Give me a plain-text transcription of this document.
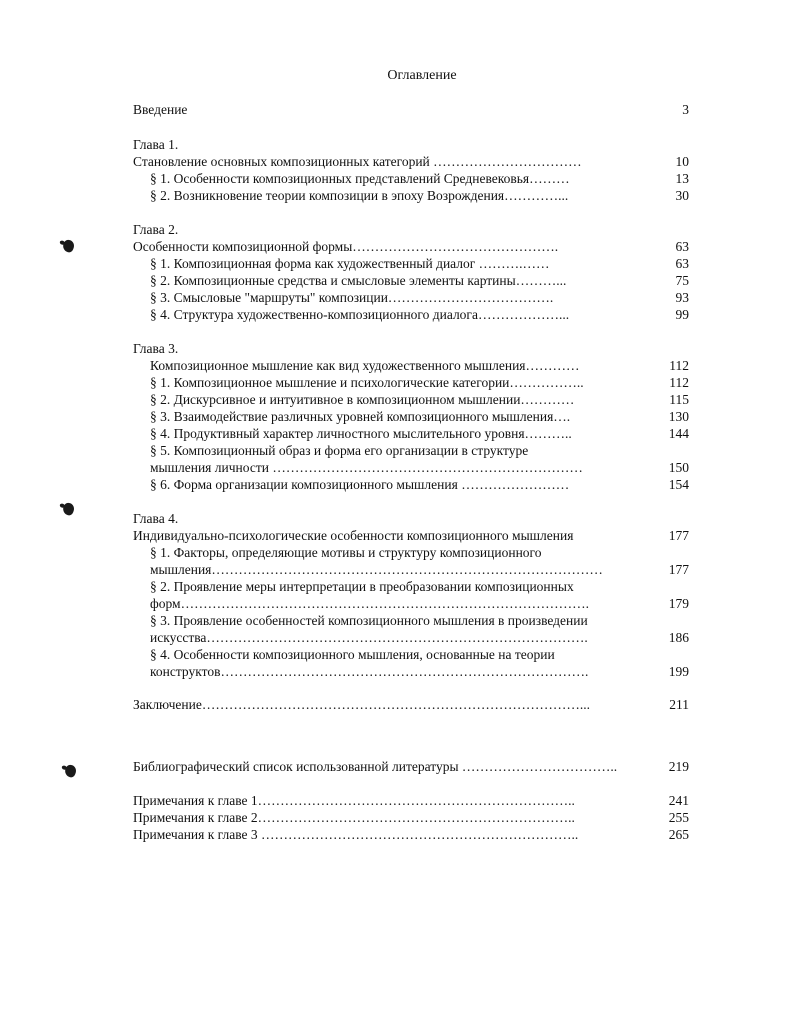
Оглавление
Введение	3
Глава 1.
Становление основных композиционных категорий ……………………………	10
§ 1. Особенности композиционных представлений Средневековья………	13
§ 2. Возникновение теории композиции в эпоху Возрождения…………...	30
Глава 2.
Особенности композиционной формы……………………………………….	63
§ 1. Композиционная форма как художественный диалог ……….……	63
§ 2. Композиционные средства и смысловые элементы картины………...	75
§ 3. Смысловые "маршруты" композиции……………………………….	93
§ 4. Структура художественно-композиционного диалога………………...	99
Глава 3.
Композиционное мышление как вид художественного мышления…………	112
§ 1. Композиционное мышление и психологические категории……………..	112
§ 2. Дискурсивное и интуитивное в композиционном мышлении…………	115
§ 3. Взаимодействие различных уровней композиционного мышления….	130
§ 4. Продуктивный характер личностного мыслительного уровня………..	144
§ 5. Композиционный образ и форма его организации в структуре
мышления личности ……………………………………………………………	150
§ 6. Форма организации композиционного мышления ……………………	154
Глава 4.
Индивидуально-психологические особенности композиционного мышления	177
§ 1. Факторы, определяющие мотивы и структуру композиционного
мышления……………………………………………………………………………	177
§ 2. Проявление меры интерпретации в преобразовании композиционных
форм……………………………………………………………………………….	179
§ 3. Проявление особенностей композиционного мышления в произведении
искусства………………………………………………………………………….	186
§ 4. Особенности композиционного мышления, основанные на теории
конструктов……………………………………………………………………….	199
Заключение…………………………………………………………………………...	211
Библиографический список использованной литературы ……………………………..	219
Примечания к главе 1……………………………………………………………..	241
Примечания к главе 2……………………………………………………………..	255
Примечания к главе 3 ……………………………………………………………..	265
